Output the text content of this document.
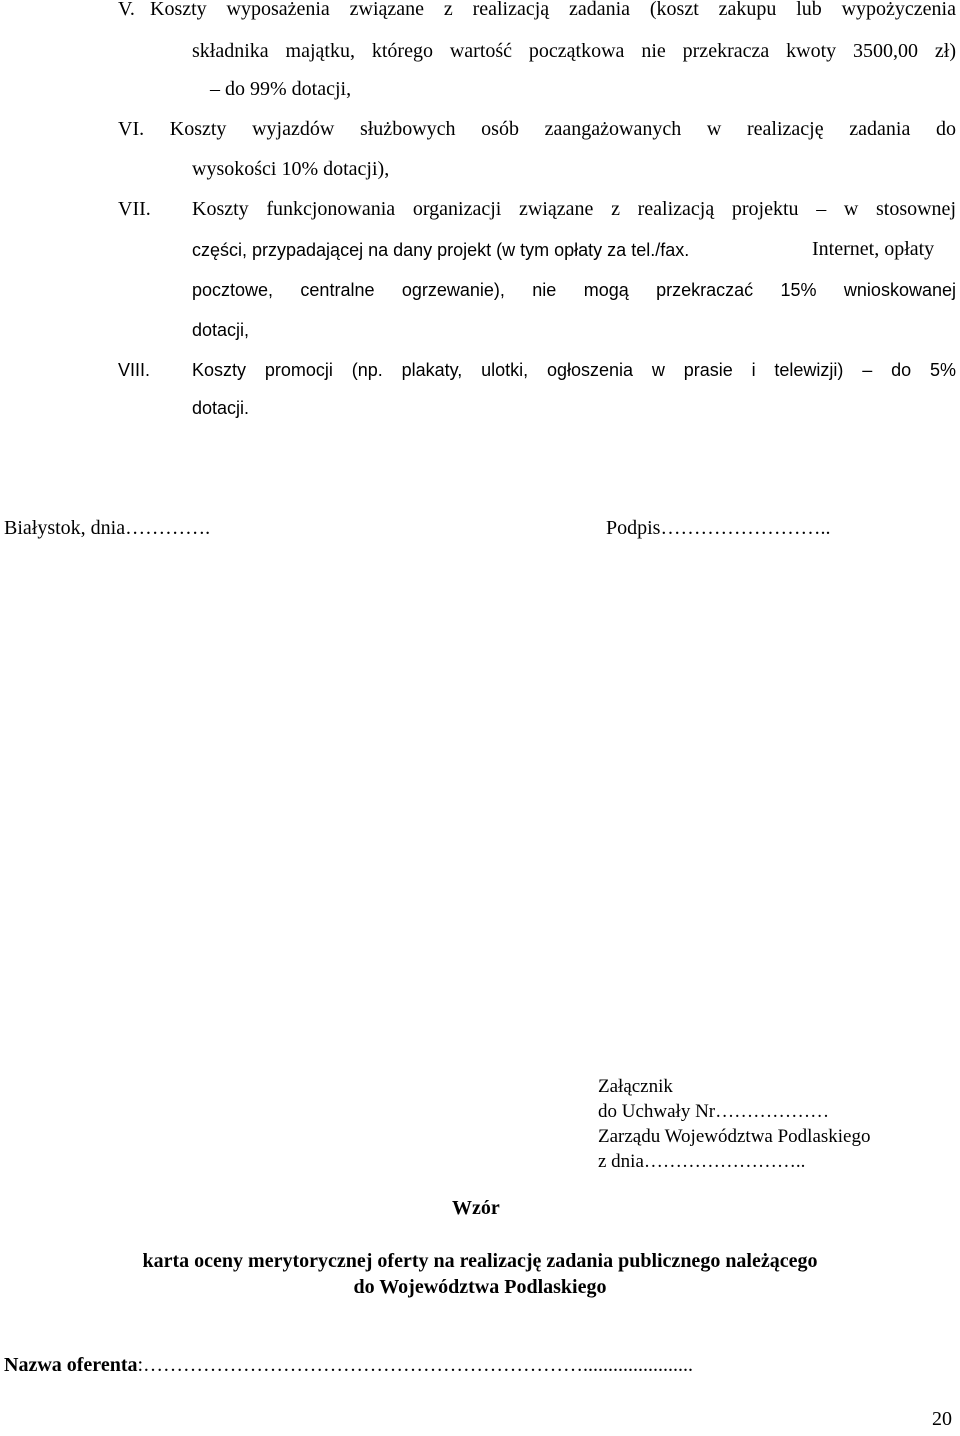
V. Koszty wyposażenia związane z realizacją zadania (koszt zakupu lub wypożyczenia
składnika majątku, którego wartość początkowa nie przekracza kwoty 3500,00 zł)
– do 99% dotacji,
VI. Koszty wyjazdów służbowych osób zaangażowanych w realizację zadania do
wysokości 10% dotacji),
VII. Koszty funkcjonowania organizacji związane z realizacją projektu – w stosownej
części, przypadającej na dany projekt (w tym opłaty za tel./fax.	Internet, opłaty
pocztowe, centralne ogrzewanie), nie mogą przekraczać 15% wnioskowanej
dotacji,
VIII. Koszty promocji (np. plakaty, ulotki, ogłoszenia w prasie i telewizji) – do 5%
dotacji.
Białystok, dnia………….	Podpis……………………..
Załącznik
do Uchwały Nr………………
Zarządu Województwa Podlaskiego
z dnia……………………..
Wzór
karta oceny merytorycznej oferty na realizację zadania publicznego należącego
do Województwa Podlaskiego
Nazwa oferenta:…………………………………………………………......................
20
